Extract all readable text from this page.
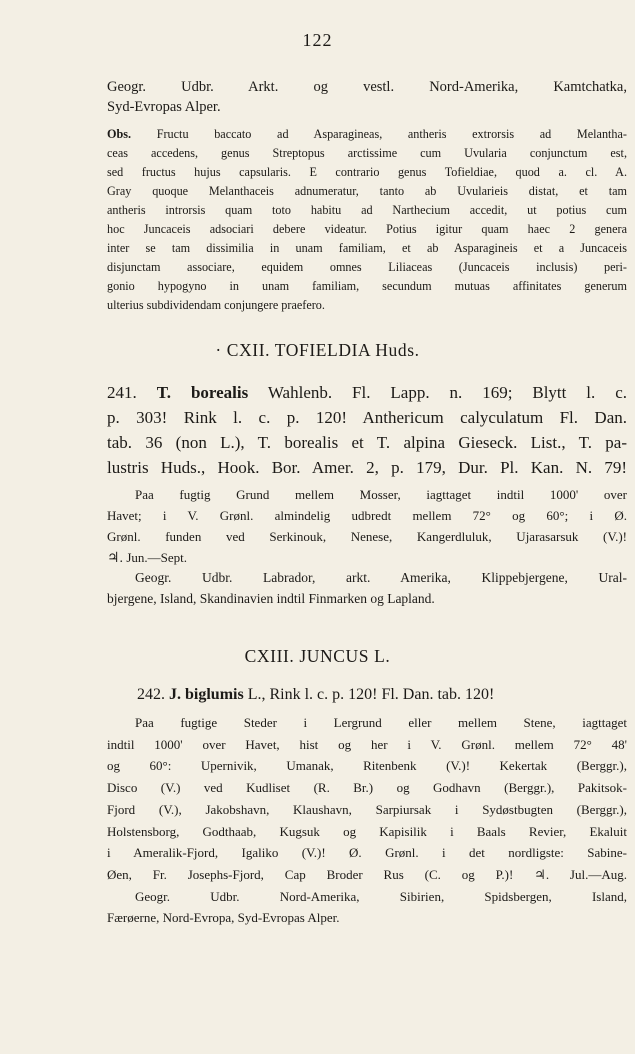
122
Geogr. Udbr. Arkt. og vestl. Nord-Amerika, Kamtchatka,
Syd-Evropas Alper.
Obs. Fructu baccato ad Asparagineas, antheris extrorsis ad Melantha-
ceas accedens, genus Streptopus arctissime cum Uvularia conjunctum est,
sed fructus hujus capsularis. E contrario genus Tofieldiae, quod a. cl. A.
Gray quoque Melanthaceis adnumeratur, tanto ab Uvularieis distat, et tam
antheris introrsis quam toto habitu ad Narthecium accedit, ut potius cum
hoc Juncaceis adsociari debere videatur. Potius igitur quam haec 2 genera
inter se tam dissimilia in unam familiam, et ab Asparagineis et a Juncaceis
disjunctam associare, equidem omnes Liliaceas (Juncaceis inclusis) peri-
gonio hypogyno in unam familiam, secundum mutuas affinitates generum
ulterius subdividendam conjungere praefero.
· CXII. TOFIELDIA Huds.
241. T. borealis Wahlenb. Fl. Lapp. n. 169; Blytt l. c.
p. 303! Rink l. c. p. 120! Anthericum calyculatum Fl. Dan.
tab. 36 (non L.), T. borealis et T. alpina Gieseck. List., T. pa-
lustris Huds., Hook. Bor. Amer. 2, p. 179, Dur. Pl. Kan. N. 79!
Paa fugtig Grund mellem Mosser, iagttaget indtil 1000' over
Havet; i V. Grønl. almindelig udbredt mellem 72° og 60°; i Ø.
Grønl. funden ved Serkinouk, Nenese, Kangerdluluk, Ujarasarsuk (V.)!
♃. Jun.—Sept.
Geogr. Udbr. Labrador, arkt. Amerika, Klippebjergene, Ural-
bjergene, Island, Skandinavien indtil Finmarken og Lapland.
CXIII. JUNCUS L.
242. J. biglumis L., Rink l. c. p. 120! Fl. Dan. tab. 120!
Paa fugtige Steder i Lergrund eller mellem Stene, iagttaget
indtil 1000' over Havet, hist og her i V. Grønl. mellem 72° 48'
og 60°: Upernivik, Umanak, Ritenbenk (V.)! Kekertak (Berggr.),
Disco (V.) ved Kudliset (R. Br.) og Godhavn (Berggr.), Pakitsok-
Fjord (V.), Jakobshavn, Klaushavn, Sarpiursak i Sydøstbugten (Berggr.),
Holstensborg, Godthaab, Kugsuk og Kapisilik i Baals Revier, Ekaluit
i Ameralik-Fjord, Igaliko (V.)! Ø. Grønl. i det nordligste: Sabine-
Øen, Fr. Josephs-Fjord, Cap Broder Rus (C. og P.)! ♃. Jul.—Aug.
Geogr. Udbr. Nord-Amerika, Sibirien, Spidsbergen, Island,
Færøerne, Nord-Evropa, Syd-Evropas Alper.
